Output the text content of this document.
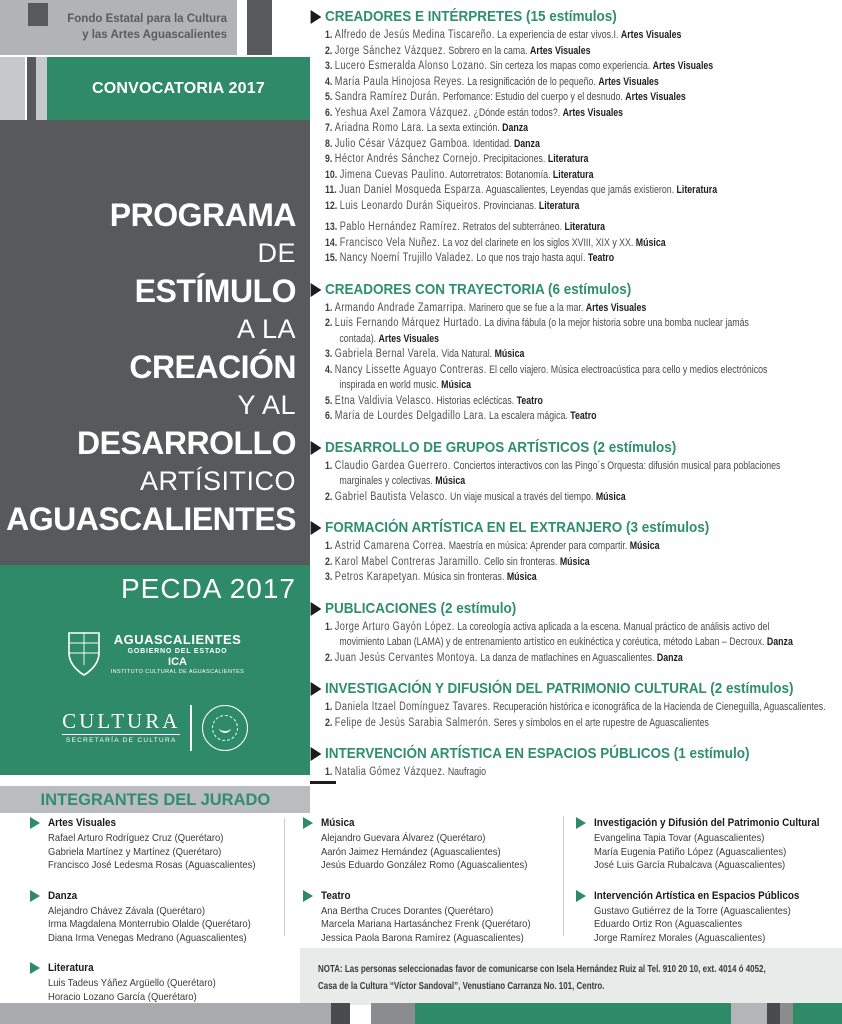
Fondo Estatal para la Cultura
y las Artes Aguascalientes
CONVOCATORIA 2017
PROGRAMA
DE
ESTÍMULO
A LA
CREACIÓN
Y AL
DESARROLLO
ARTÍSITICO
AGUASCALIENTES
PECDA 2017
AGUASCALIENTES
GOBIERNO DEL ESTADO
ICA
INSTITUTO CULTURAL DE AGUASCALIENTES
CULTURA
SECRETARÍA DE CULTURA
INTEGRANTES DEL JURADO
CREADORES E INTÉRPRETES (15 estímulos)
1. Alfredo de Jesús Medina Tiscareño. La experiencia de estar vivos.I. Artes Visuales
2. Jorge Sánchez Vázquez. Sobrero en la cama. Artes Visuales
3. Lucero Esmeralda Alonso Lozano. Sin certeza los mapas como experiencia. Artes Visuales
4. María Paula Hinojosa Reyes. La resignificación de lo pequeño. Artes Visuales
5. Sandra Ramírez Durán. Perfomance: Estudio del cuerpo y el desnudo. Artes Visuales
6. Yeshua Axel Zamora Vázquez. ¿Dónde están todos?. Artes Visuales
7. Ariadna Romo Lara. La sexta extinción. Danza
8. Julio César Vázquez Gamboa. Identidad. Danza
9. Héctor Andrés Sánchez Cornejo. Precipitaciones. Literatura
10. Jimena Cuevas Paulino. Autorretratos: Botanomía. Literatura
11. Juan Daniel Mosqueda Esparza. Aguascalientes, Leyendas que jamás existieron. Literatura
12. Luis Leonardo Durán Siqueiros. Provincianas. Literatura
13. Pablo Hernández Ramírez. Retratos del subterráneo. Literatura
14. Francisco Vela Nuñez. La voz del clarinete en los siglos XVIII, XIX y XX. Música
15. Nancy Noemí Trujillo Valadez. Lo que nos trajo hasta aquí. Teatro
CREADORES CON TRAYECTORIA (6 estímulos)
1. Armando Andrade Zamarripa. Marinero que se fue a la mar. Artes Visuales
2. Luis Fernando Márquez Hurtado. La divina fábula (o la mejor historia sobre una bomba nuclear jamás
contada). Artes Visuales
3. Gabriela Bernal Varela. Vida Natural. Música
4. Nancy Lissette Aguayo Contreras. El cello viajero. Música electroacústica para cello y medios electrónicos
inspirada en world music. Música
5. Etna Valdivia Velasco. Historias eclécticas. Teatro
6. María de Lourdes Delgadillo Lara. La escalera mágica. Teatro
DESARROLLO DE GRUPOS ARTÍSTICOS (2 estímulos)
1. Claudio Gardea Guerrero. Conciertos interactivos con las Pingo´s Orquesta: difusión musical para poblaciones
marginales y colectivas. Música
2. Gabriel Bautista Velasco. Un viaje musical a través del tiempo. Música
FORMACIÓN ARTÍSTICA EN EL EXTRANJERO (3 estímulos)
1. Astrid Camarena Correa. Maestría en música: Aprender para compartir. Música
2. Karol Mabel Contreras Jaramillo. Cello sin fronteras. Música
3. Petros Karapetyan. Música sin fronteras. Música
PUBLICACIONES (2 estímulo)
1. Jorge Arturo Gayón López. La coreología activa aplicada a la escena. Manual práctico de análisis activo del
movimiento Laban (LAMA) y de entrenamiento artístico en eukinéctica y coréutica, método Laban – Decroux. Danza
2. Juan Jesús Cervantes Montoya. La danza de matlachines en Aguascalientes. Danza
INVESTIGACIÓN Y DIFUSIÓN DEL PATRIMONIO CULTURAL (2 estímulos)
1. Daniela Itzael Domínguez Tavares. Recuperación histórica e iconográfica de la Hacienda de Cieneguilla, Aguascalientes.
2. Felipe de Jesús Sarabia Salmerón. Seres y símbolos en el arte rupestre de Aguascalientes
INTERVENCIÓN ARTÍSTICA EN ESPACIOS PÚBLICOS (1 estímulo)
1. Natalia Gómez Vázquez. Naufragio
Artes Visuales
Rafael Arturo Rodríguez Cruz (Querétaro)
Gabriela Martínez y Martínez (Querétaro)
Francisco José Ledesma Rosas (Aguascalientes)
Danza
Alejandro Chávez Závala (Querétaro)
Irma Magdalena Monterrubio Olalde (Querétaro)
Diana Irma Venegas Medrano (Aguascalientes)
Literatura
Luis Tadeus Yáñez Argüello (Querétaro)
Horacio Lozano García (Querétaro)
Música
Alejandro Guevara Álvarez (Querétaro)
Aarón Jaimez Hernández (Aguascalientes)
Jesús Eduardo González Romo (Aguascalientes)
Teatro
Ana Bertha Cruces Dorantes (Querétaro)
Marcela Mariana Hartasánchez Frenk (Querétaro)
Jessica Paola Barona Ramírez (Aguascalientes)
Investigación y Difusión del Patrimonio Cultural
Evangelina Tapia Tovar (Aguascalientes)
María Eugenia Patiño López (Aguascalientes)
José Luis García Rubalcava (Aguascalientes)
Intervención Artística en Espacios Públicos
Gustavo Gutiérrez de la Torre (Aguascalientes)
Eduardo Ortiz Ron (Aguascalientes
Jorge Ramírez Morales (Aguascalientes)
NOTA: Las personas seleccionadas favor de comunicarse con Isela Hernández Ruiz al Tel. 910 20 10, ext. 4014 ó 4052,
Casa de la Cultura “Víctor Sandoval”, Venustiano Carranza No. 101, Centro.
